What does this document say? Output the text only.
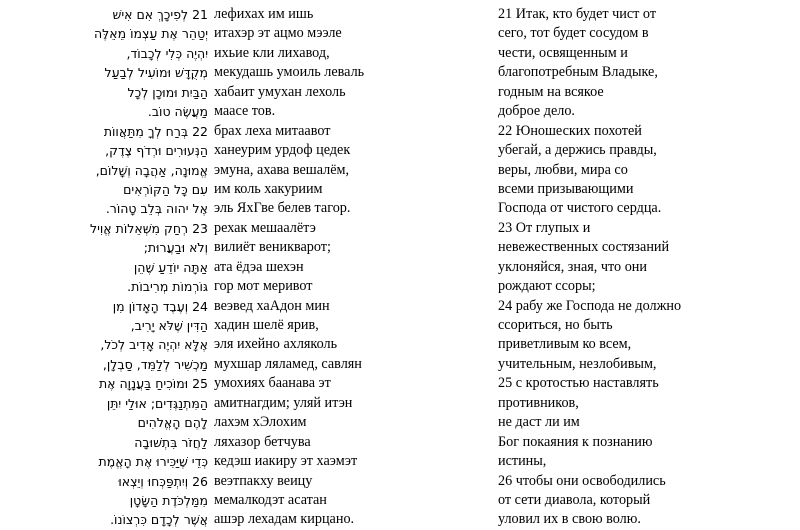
21 לְפִיכָךְ אִם אִישׁ лефихах им ишь	21 Итак, кто будет чист от
יְטַהֵר אֶת עַצְמוֹ מֵאֵלֶּה итахэр эт ацмо мээле	сего, тот будет сосудом в
יִהְיֶה כְּלִי לְכָבוֹד, ихьие кли лихавод,	чести, освященным и
מְקֻדָּשׁ וּמוֹעִיל לְבַעַל мекудашь умоиль леваль	благопотребным Владыке,
הַבַּיִת וּמוּכָן לְכָל хабаит умухан лехоль	годным на всякое
מַעֲשֶׂה טוֹב. маасе тов.	доброе дело.
22 בְּרַח לְךָ מִתַּאֲווֹת брах леха митаавот	22 Юношеских похотей
הַנְּעוּרִים וּרְדֹף צֶדֶק, ханеурим урдоф цедек	убегай, а держись правды,
אֱמוּנָה, אַהֲבָה וְשָׁלוֹם, эмуна, ахава вешалём,	веры, любви, мира со
עִם כָּל הַקּוֹרְאִים им коль хакуриим	всеми призывающими
אֶל יהוה בְּלֵב טָהוֹר. эль ЯхГве белев тагор.	Господа от чистого сердца.
23 רְחַק מִשְּׁאֵלוֹת אֱוִיל рехак мешаалётэ	23 От глупых и
וְלֹא וּבַעֲרוּת; вилиёт веникварот;	невежественных состязаний
אַתָּה יוֹדֵעַ שֶׁהֵן ата ёдэа шехэн	уклоняйся, зная, что они
גּוֹרְמוֹת מְרִיבוֹת. гор мот меривот	рождают ссоры;
24 וְעֶבֶד הָאָדוֹן מִן веэвед хаАдон мин	24 рабу же Господа не должно
הַדִּין שֶׁלֹּא יָרִיב, хадин шелё ярив,	ссориться, но быть
אֶלָּא יִהְיֶה אָדִיב לְכֹל, эля ихейно ахляколь	приветливым ко всем,
מַכְשִׁיר לְלַמֵּד, סַבְלָן, мухшар ляламед, савлян	учительным, незлобивым,
25 וּמוֹכִיחַ בַּעֲנָוָה אֶת умохиях баанава эт	25 с кротостью наставлять
הַמִּתְנַגְּדִים; אוּלַי יִתֵּן амитнагдим; уляй итэн	противников,
לָהֶם הָאֱלֹהִים лахэм хЭлохим	не даст ли им
לַחֲזֹר בִּתְשׁוּבָה ляхазор бетчува	Бог покаяния к познанию
כְּדֵי שֶׁיַּכִּירוּ אֶת הָאֱמֶת кедэш иакиру эт хаэмэт	истины,
26 וְיִתְפַּכְּחוּ וְיֵצְאוּ веэтпакху веицу	26 чтобы они освободились
מִמַּלְכֹּדֶת הַשָּׂטָן мемалкодэт асатан	от сети диавола, который
אֲשֶׁר לְכָדָם כִּרְצוֹנוֹ. ашэр лехадам кирцано.	уловил их в свою волю.
